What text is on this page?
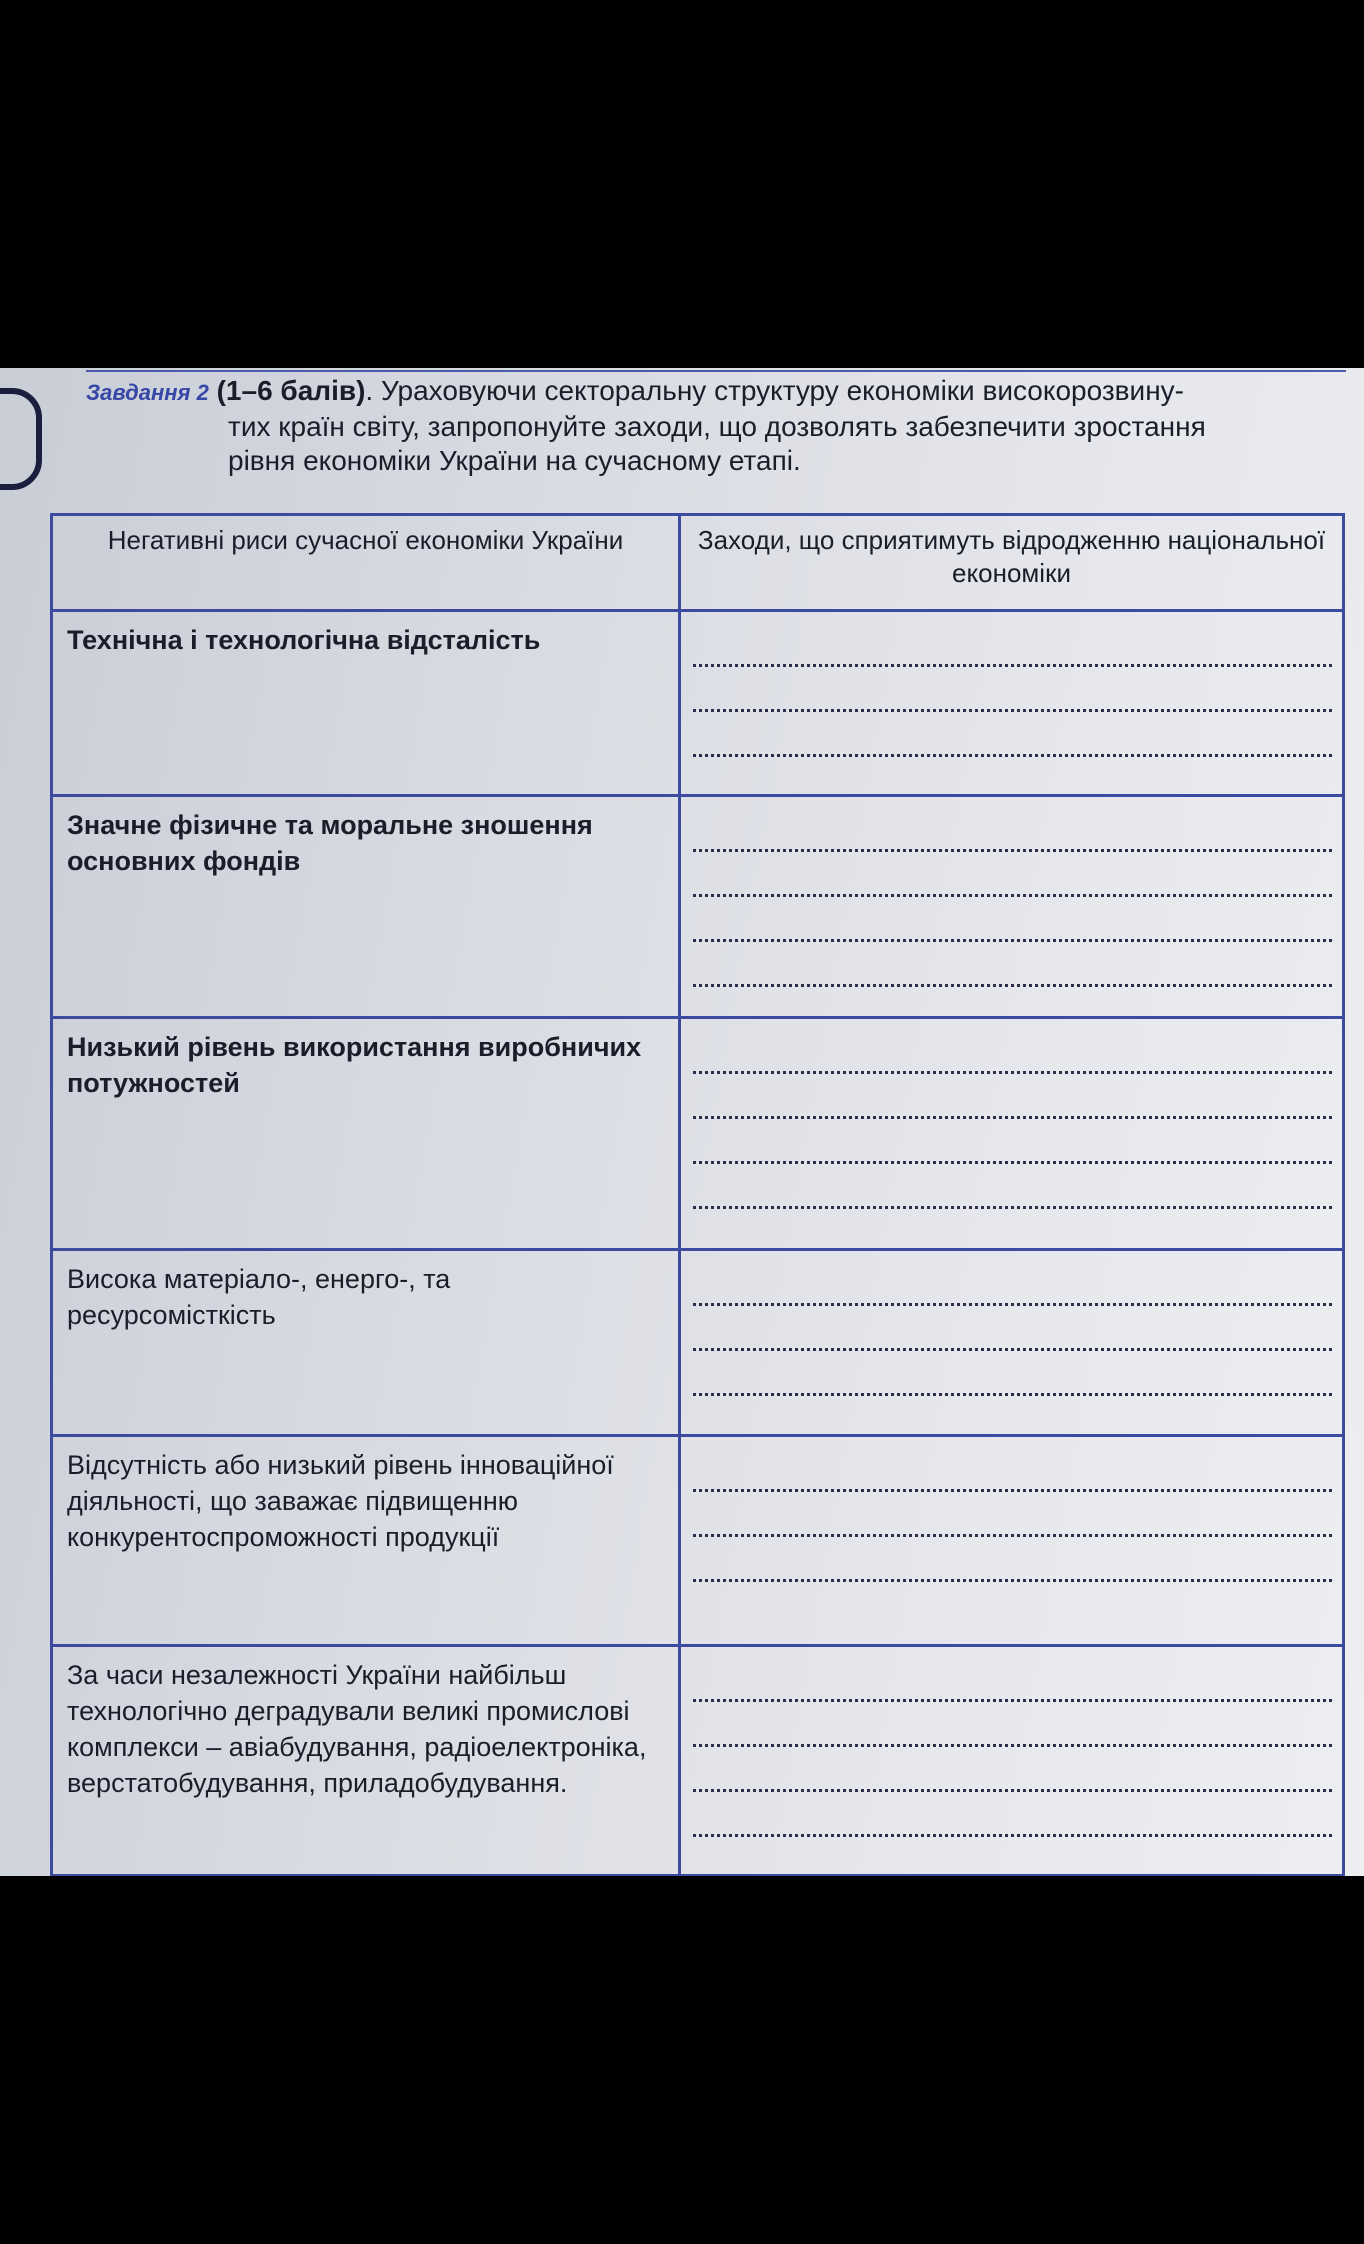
Завдання 2 (1–6 балів). Ураховуючи секторальну структуру економіки високорозвину-
тих країн світу, запропонуйте заходи, що дозволять забезпечити зростання
рівня економіки України на сучасному етапі.
Негативні риси сучасної економіки України	Заходи, що сприятимуть відродженню національної економіки

Технічна і технологічна відсталість	

Значне фізичне та моральне зношення основних фондів	

Низький рівень використання виробничих потужностей	

Висока матеріало-, енерго-, та ресурсомісткість	

Відсутність або низький рівень інноваційної діяльності, що заважає підвищенню конкурентоспроможності продукції	

За часи незалежності України найбільш технологічно деградували великі промислові комплекси – авіабудування, радіоелектроніка, верстатобудування, приладобудування.	
